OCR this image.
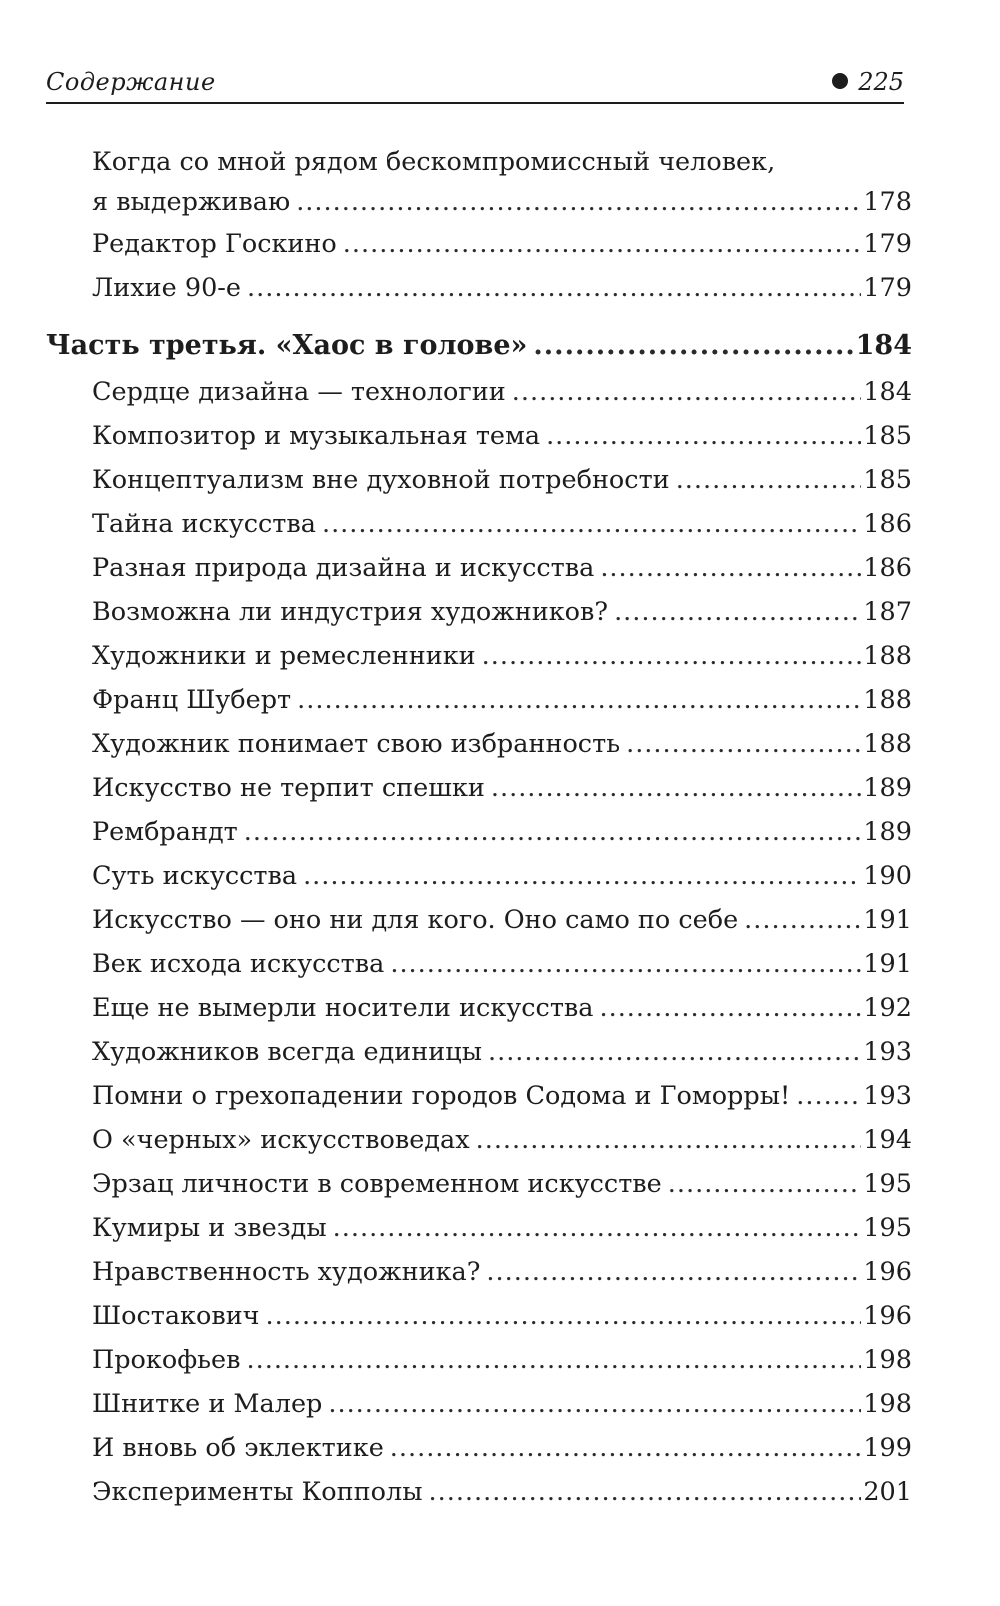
Содержание	225
Когда со мной рядом бескомпромиссный человек,
я выдерживаю .....	178
Редактор Госкино .....	179
Лихие 90-е .....	179
Часть третья. «Хаос в голове» .....	184
Сердце дизайна — технологии .....	184
Композитор и музыкальная тема .....	185
Концептуализм вне духовной потребности .....	185
Тайна искусства .....	186
Разная природа дизайна и искусства .....	186
Возможна ли индустрия художников? .....	187
Художники и ремесленники .....	188
Франц Шуберт .....	188
Художник понимает свою избранность .....	188
Искусство не терпит спешки .....	189
Рембрандт .....	189
Суть искусства .....	190
Искусство — оно ни для кого. Оно само по себе .....	191
Век исхода искусства .....	191
Еще не вымерли носители искусства .....	192
Художников всегда единицы .....	193
Помни о грехопадении городов Содома и Гоморры! .....	193
О «черных» искусствоведах .....	194
Эрзац личности в современном искусстве .....	195
Кумиры и звезды .....	195
Нравственность художника? .....	196
Шостакович .....	196
Прокофьев .....	198
Шнитке и Малер .....	198
И вновь об эклектике .....	199
Эксперименты Копполы .....	201
